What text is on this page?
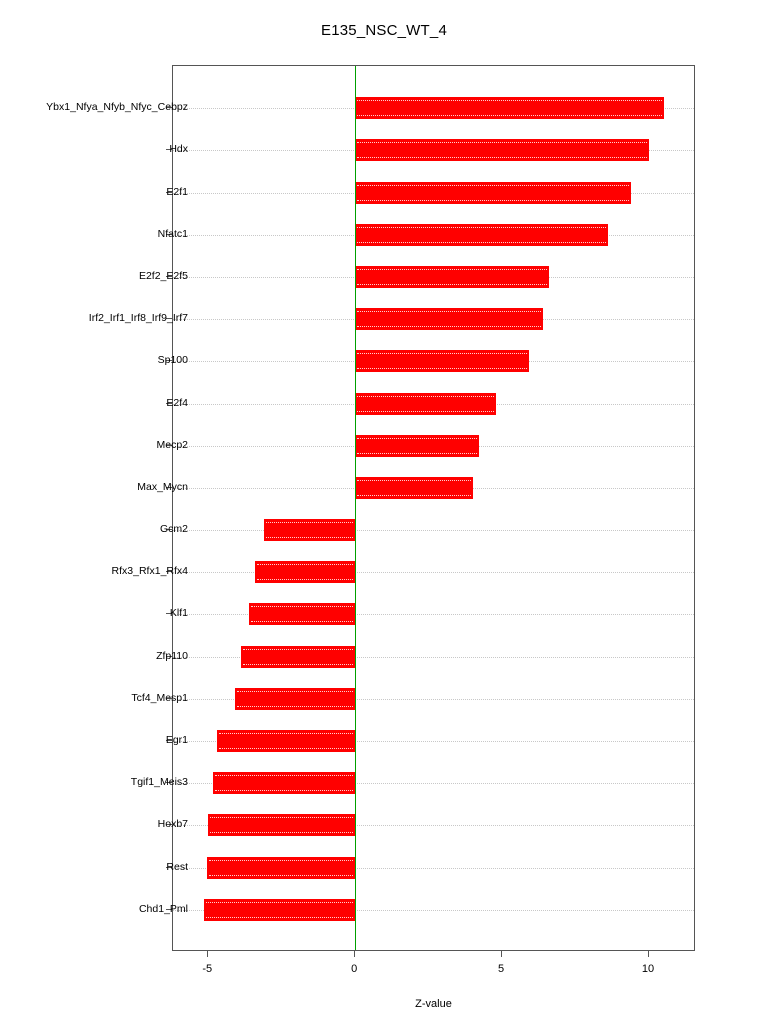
E135_NSC_WT_4
Ybx1_Nfya_Nfyb_Nfyc_Cebpz
Hdx
E2f1
Nfatc1
E2f2_E2f5
Irf2_Irf1_Irf8_Irf9_Irf7
Sp100
E2f4
Mecp2
Max_Mycn
Gcm2
Rfx3_Rfx1_Rfx4
Klf1
Zfp110
Tcf4_Mesp1
Egr1
Tgif1_Meis3
Hoxb7
Rest
Chd1_Pml
-5	0	5	10
Z-value
